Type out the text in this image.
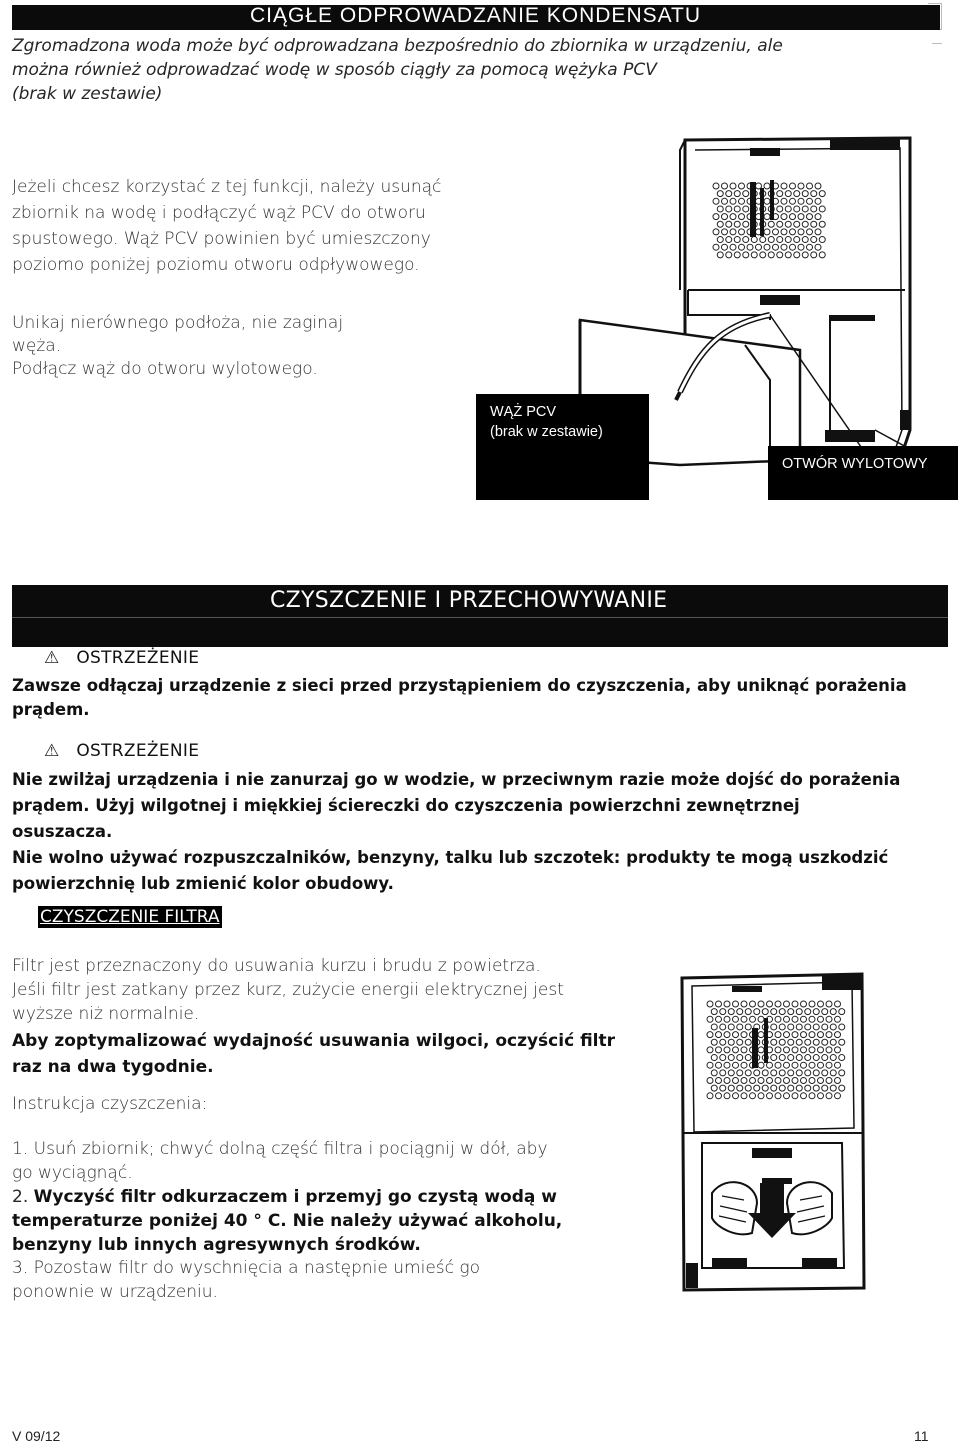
CIĄGŁE ODPROWADZANIE KONDENSATU
Zgromadzona woda może być odprowadzana bezpośrednio do zbiornika w urządzeniu, ale
można również odprowadzać wodę w sposób ciągły za pomocą wężyka PCV
(brak w zestawie)
Jeżeli chcesz korzystać z tej funkcji, należy usunąć
zbiornik na wodę i podłączyć wąż PCV do otworu
spustowego. Wąż PCV powinien być umieszczony
poziomo poniżej poziomu otworu odpływowego.
Unikaj nierównego podłoża, nie zaginaj
węża.
Podłącz wąż do otworu wylotowego.
WĄŻ PCV
(brak w zestawie)
OTWÓR WYLOTOWY
CZYSZCZENIE I PRZECHOWYWANIE
⚠ OSTRZEŻENIE
Zawsze odłączaj urządzenie z sieci przed przystąpieniem do czyszczenia, aby uniknąć porażenia
prądem.
⚠ OSTRZEŻENIE
Nie zwilżaj urządzenia i nie zanurzaj go w wodzie, w przeciwnym razie może dojść do porażenia
prądem. Użyj wilgotnej i miękkiej ściereczki do czyszczenia powierzchni zewnętrznej
osuszacza.
Nie wolno używać rozpuszczalników, benzyny, talku lub szczotek: produkty te mogą uszkodzić
powierzchnię lub zmienić kolor obudowy.
CZYSZCZENIE FILTRA
Filtr jest przeznaczony do usuwania kurzu i brudu z powietrza.
Jeśli filtr jest zatkany przez kurz, zużycie energii elektrycznej jest
wyższe niż normalnie.
Aby zoptymalizować wydajność usuwania wilgoci, oczyścić filtr
raz na dwa tygodnie.
Instrukcja czyszczenia:
1. Usuń zbiornik; chwyć dolną część filtra i pociągnij w dół, aby
go wyciągnąć.
2. Wyczyść filtr odkurzaczem i przemyj go czystą wodą w
temperaturze poniżej 40 ° C. Nie należy używać alkoholu,
benzyny lub innych agresywnych środków.
3. Pozostaw filtr do wyschnięcia a następnie umieść go
ponownie w urządzeniu.
V 09/12	11
